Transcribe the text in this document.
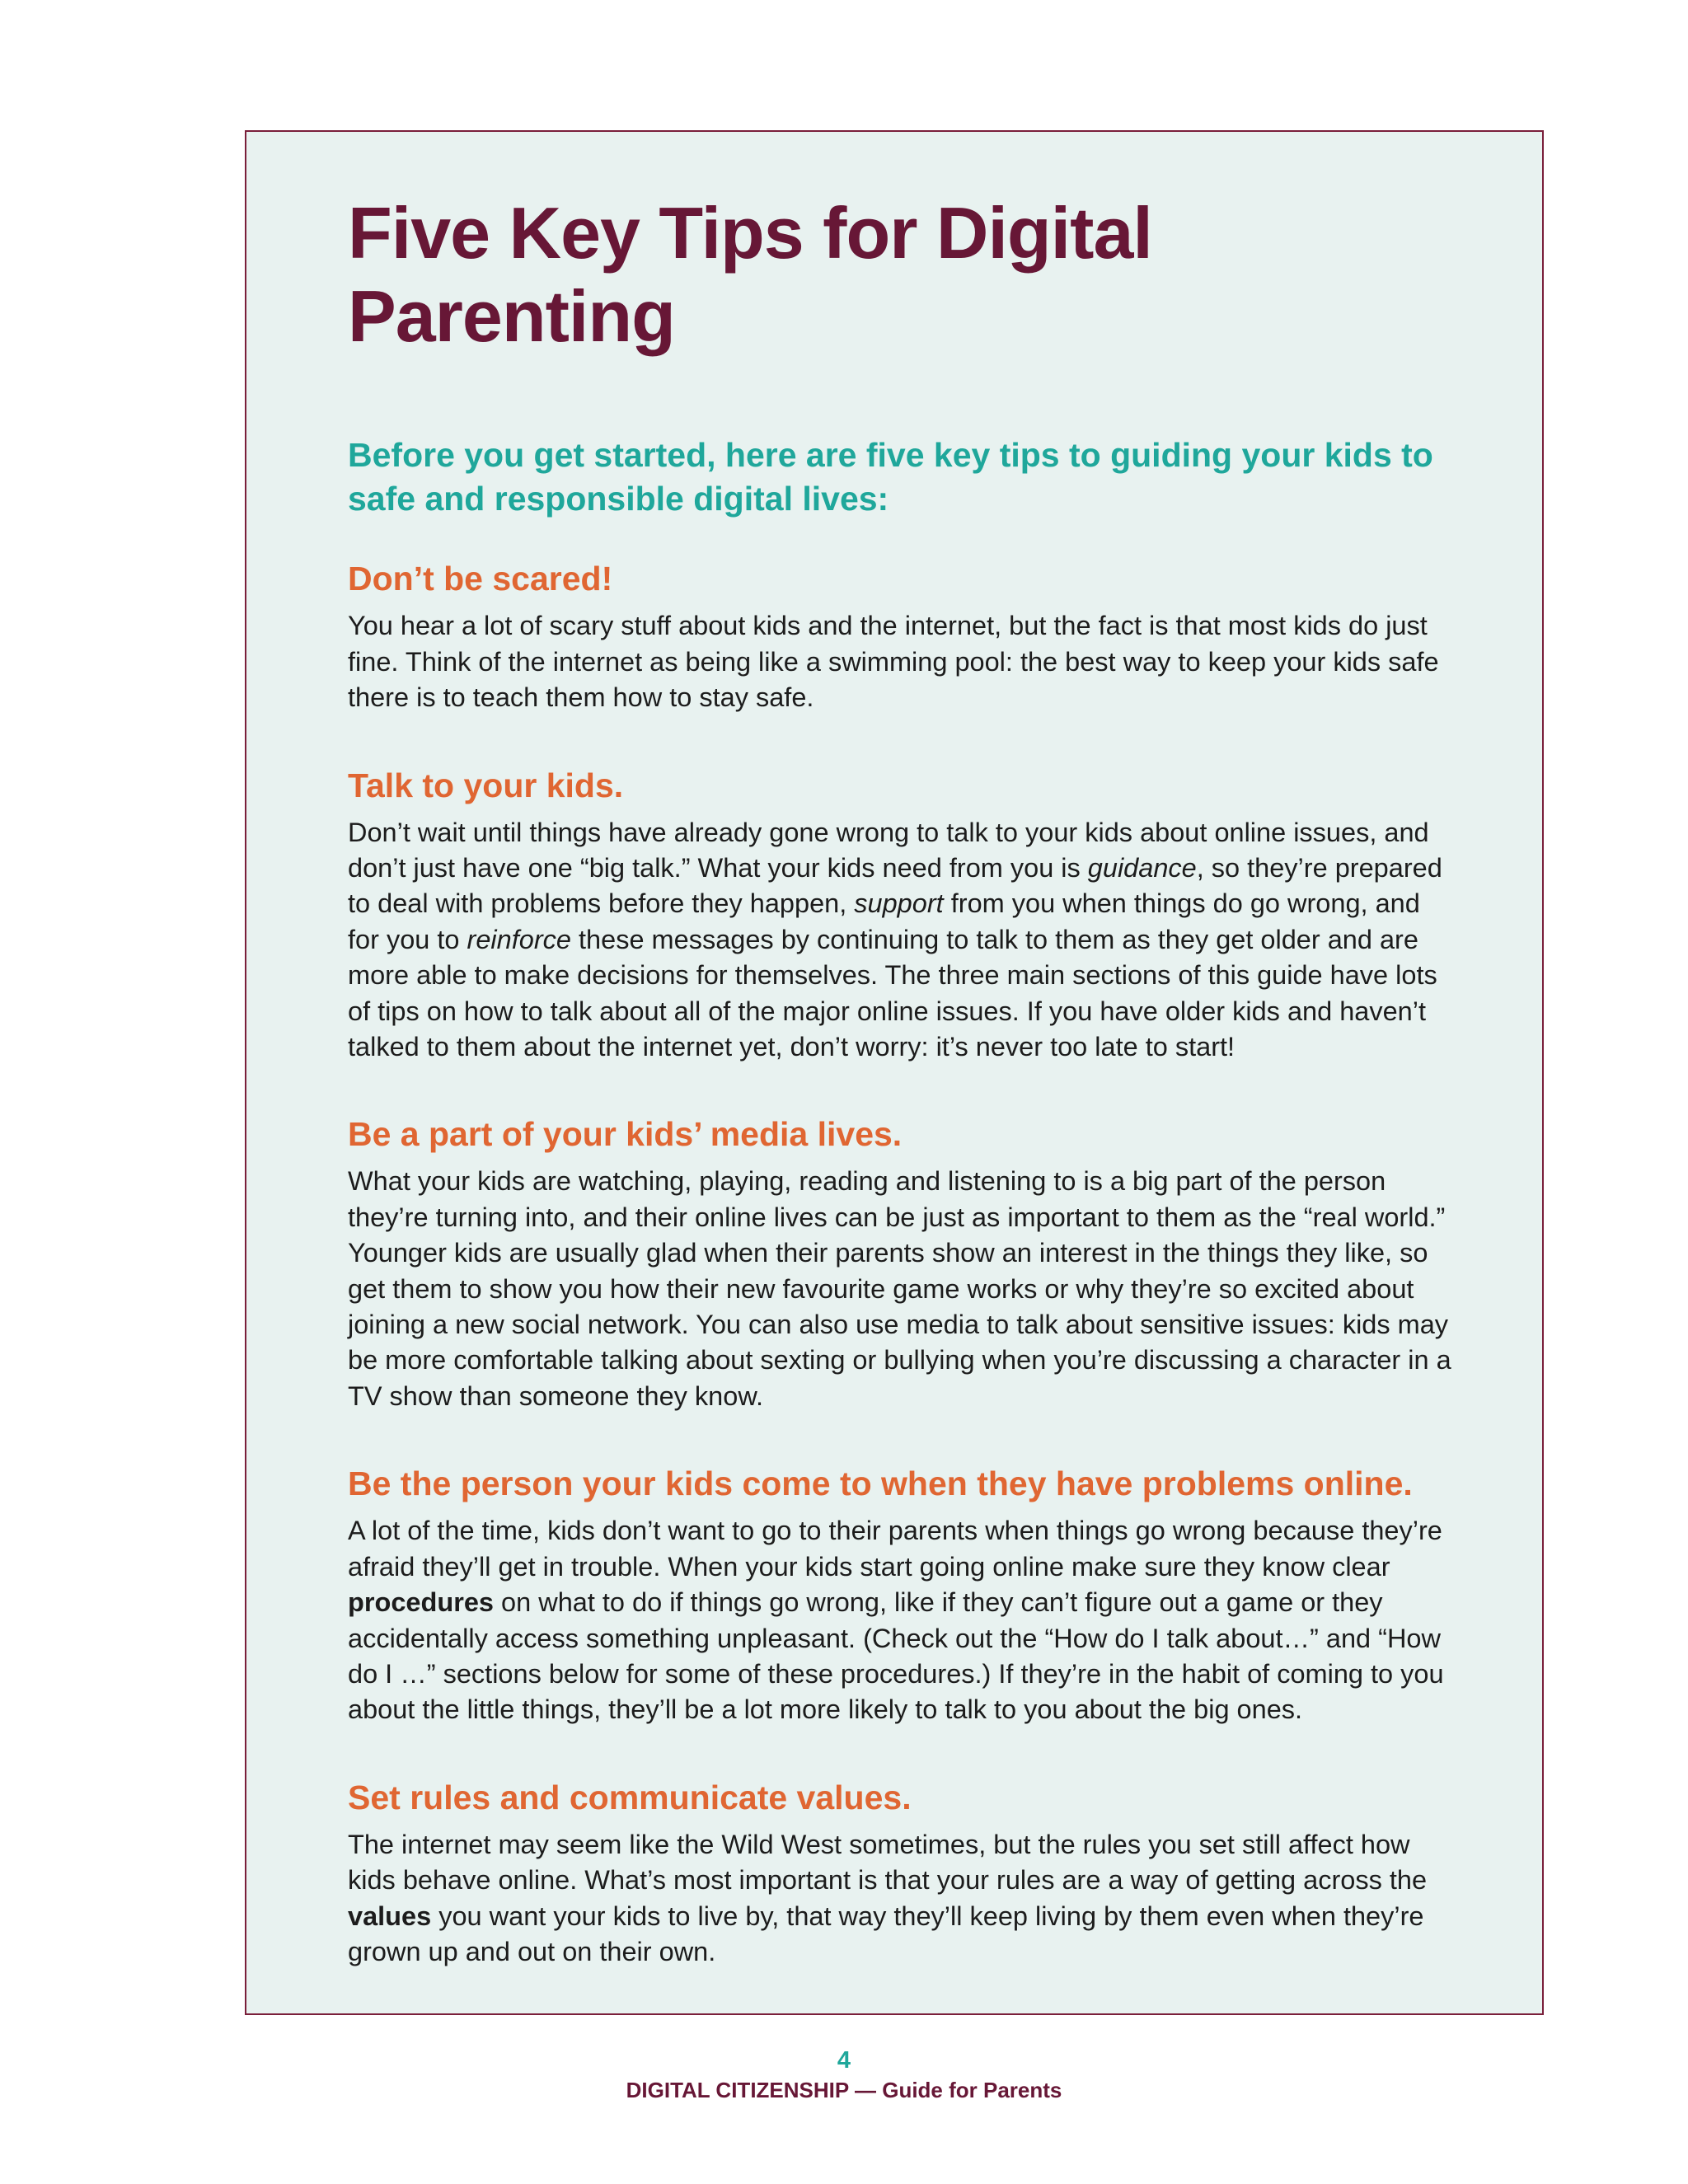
Five Key Tips for Digital Parenting

Before you get started, here are five key tips to guiding your kids to safe and responsible digital lives:

Don’t be scared!

You hear a lot of scary stuff about kids and the internet, but the fact is that most kids do just fine. Think of the internet as being like a swimming pool: the best way to keep your kids safe there is to teach them how to stay safe.

Talk to your kids.

Don’t wait until things have already gone wrong to talk to your kids about online issues, and don’t just have one “big talk.” What your kids need from you is guidance, so they’re prepared to deal with problems before they happen, support from you when things do go wrong, and for you to reinforce these messages by continuing to talk to them as they get older and are more able to make decisions for themselves. The three main sections of this guide have lots of tips on how to talk about all of the major online issues. If you have older kids and haven’t talked to them about the internet yet, don’t worry: it’s never too late to start!

Be a part of your kids’ media lives.

What your kids are watching, playing, reading and listening to is a big part of the person they’re turning into, and their online lives can be just as important to them as the “real world.” Younger kids are usually glad when their parents show an interest in the things they like, so get them to show you how their new favourite game works or why they’re so excited about joining a new social network. You can also use media to talk about sensitive issues: kids may be more comfortable talking about sexting or bullying when you’re discussing a character in a TV show than someone they know.

Be the person your kids come to when they have problems online.

A lot of the time, kids don’t want to go to their parents when things go wrong because they’re afraid they’ll get in trouble. When your kids start going online make sure they know clear procedures on what to do if things go wrong, like if they can’t figure out a game or they accidentally access something unpleasant. (Check out the “How do I talk about…” and “How do I …” sections below for some of these procedures.) If they’re in the habit of coming to you about the little things, they’ll be a lot more likely to talk to you about the big ones.

Set rules and communicate values.

The internet may seem like the Wild West sometimes, but the rules you set still affect how kids behave online. What’s most important is that your rules are a way of getting across the values you want your kids to live by, that way they’ll keep living by them even when they’re grown up and out on their own.

4
DIGITAL CITIZENSHIP — Guide for Parents
